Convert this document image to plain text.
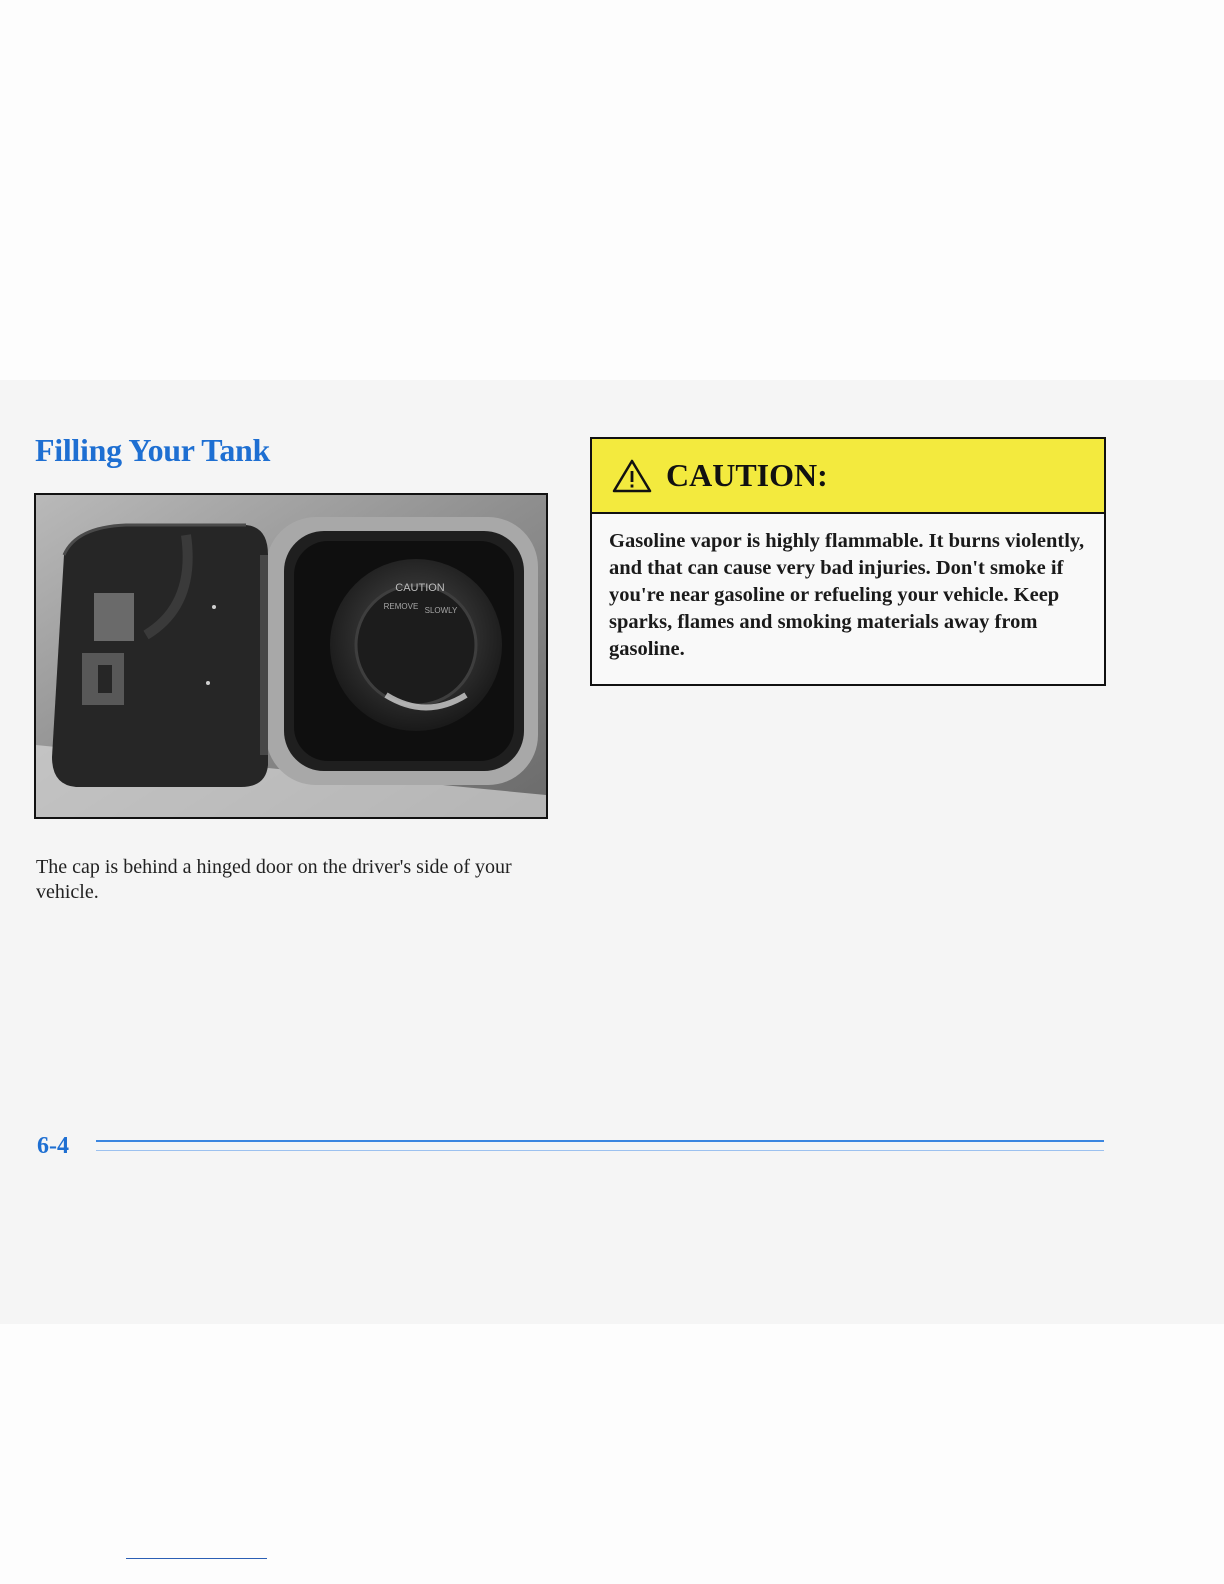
Filling Your Tank
CAUTION
REMOVE SLOWLY

The cap is behind a hinged door on the driver's side of your vehicle.

CAUTION:

Gasoline vapor is highly flammable. It burns violently, and that can cause very bad injuries. Don't smoke if you're near gasoline or refueling your vehicle. Keep sparks, flames and smoking materials away from gasoline.

6-4
